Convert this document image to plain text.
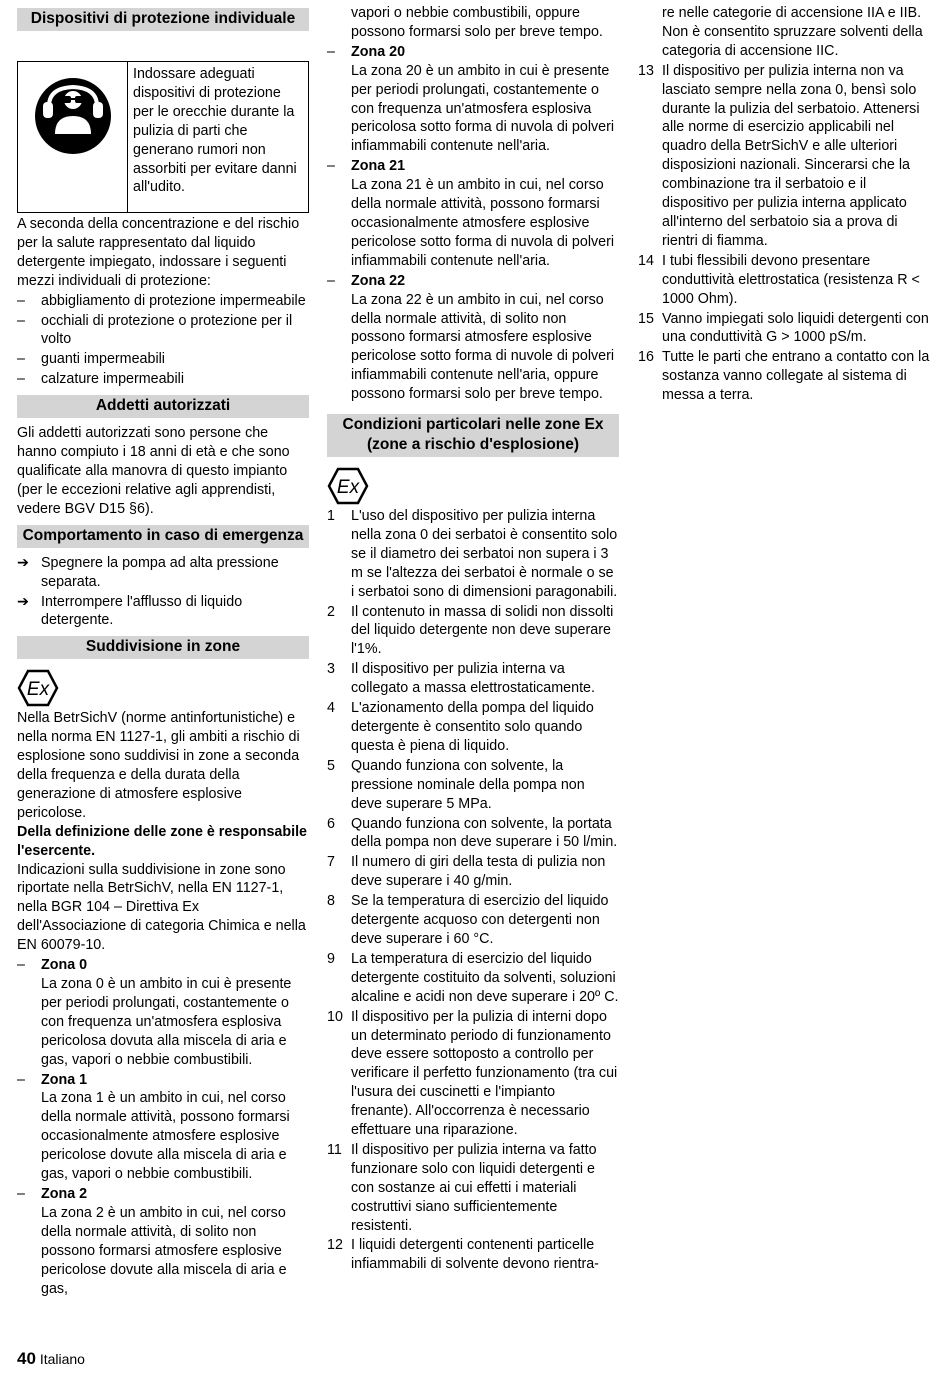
Dispositivi di protezione individuale
Indossare adeguati dispositivi di protezione per le orecchie durante la pulizia di parti che generano rumori non assorbiti per evitare danni all'udito.

A seconda della concentrazione e del rischio per la salute rappresentato dal liquido detergente impiegato, indossare i seguenti mezzi individuali di protezione:

–	abbigliamento di protezione impermeabile
–	occhiali di protezione o protezione per il volto
–	guanti impermeabili
–	calzature impermeabili
Addetti autorizzati

Gli addetti autorizzati sono persone che hanno compiuto i 18 anni di età e che sono qualificate alla manovra di questo impianto (per le eccezioni relative agli apprendisti, vedere BGV D15 §6).

Comportamento in caso di emergenza
➔ Spegnere la pompa ad alta pressione separata.
➔ Interrompere l'afflusso di liquido detergente.
Suddivisione in zone
Ex

Nella BetrSichV (norme antinfortunistiche) e nella norma EN 1127-1, gli ambiti a rischio di esplosione sono suddivisi in zone a seconda della frequenza e della durata della generazione di atmosfere esplosive pericolose.

Della definizione delle zone è responsabile l'esercente.

Indicazioni sulla suddivisione in zone sono riportate nella BetrSichV, nella EN 1127-1, nella BGR 104 – Direttiva Ex dell'Associazione di categoria Chimica e nella EN 60079-10.

–	Zona 0

La zona 0 è un ambito in cui è presente per periodi prolungati, costantemente o con frequenza un'atmosfera esplosiva pericolosa dovuta alla miscela di aria e gas, vapori o nebbie combustibili.

–	Zona 1

La zona 1 è un ambito in cui, nel corso della normale attività, possono formarsi occasionalmente atmosfere esplosive pericolose dovute alla miscela di aria e gas, vapori o nebbie combustibili.

–	Zona 2

La zona 2 è un ambito in cui, nel corso della normale attività, di solito non possono formarsi atmosfere esplosive pericolose dovute alla miscela di aria e gas,

vapori o nebbie combustibili, oppure possono formarsi solo per breve tempo.

–	Zona 20

La zona 20 è un ambito in cui è presente per periodi prolungati, costantemente o con frequenza un'atmosfera esplosiva pericolosa sotto forma di nuvola di polveri infiammabili contenute nell'aria.

–	Zona 21

La zona 21 è un ambito in cui, nel corso della normale attività, possono formarsi occasionalmente atmosfere esplosive pericolose sotto forma di nuvola di polveri infiammabili contenute nell'aria.

–	Zona 22

La zona 22 è un ambito in cui, nel corso della normale attività, di solito non possono formarsi atmosfere esplosive pericolose sotto forma di nuvole di polveri infiammabili contenute nell'aria, oppure possono formarsi solo per breve tempo.

Condizioni particolari nelle zone Ex (zone a rischio d'esplosione)
Ex
1	L'uso del dispositivo per pulizia interna nella zona 0 dei serbatoi è consentito solo se il diametro dei serbatoi non supera i 3 m se l'altezza dei serbatoi è normale o se i serbatoi sono di dimensioni paragonabili.
2	Il contenuto in massa di solidi non dissolti del liquido detergente non deve superare l'1%.
3	Il dispositivo per pulizia interna va collegato a massa elettrostaticamente.
4	L'azionamento della pompa del liquido detergente è consentito solo quando questa è piena di liquido.
5	Quando funziona con solvente, la pressione nominale della pompa non deve superare 5 MPa.
6	Quando funziona con solvente, la portata della pompa non deve superare i 50 l/min.
7	Il numero di giri della testa di pulizia non deve superare i 40 g/min.
8	Se la temperatura di esercizio del liquido detergente acquoso con detergenti non deve superare i 60 °C.
9	La temperatura di esercizio del liquido detergente costituito da solventi, soluzioni alcaline e acidi non deve superare i 20º C.
10 Il dispositivo per la pulizia di interni dopo un determinato periodo di funzionamento deve essere sottoposto a controllo per verificare il perfetto funzionamento (tra cui l'usura dei cuscinetti e l'impianto frenante). All'occorrenza è necessario effettuare una riparazione.
11 Il dispositivo per pulizia interna va fatto funzionare solo con liquidi detergenti e con sostanze ai cui effetti i materiali costruttivi siano sufficientemente resistenti.
12 I liquidi detergenti contenenti particelle infiammabili di solvente devono rientra-

re nelle categorie di accensione IIA e IIB. Non è consentito spruzzare solventi della categoria di accensione IIC.

13 Il dispositivo per pulizia interna non va lasciato sempre nella zona 0, bensì solo durante la pulizia del serbatoio. Attenersi alle norme di esercizio applicabili nel quadro della BetrSichV e alle ulteriori disposizioni nazionali. Sincerarsi che la combinazione tra il serbatoio e il dispositivo per pulizia interna applicato all'interno del serbatoio sia a prova di rientri di fiamma.
14 I tubi flessibili devono presentare conduttività elettrostatica (resistenza R < 1000 Ohm).
15 Vanno impiegati solo liquidi detergenti con una conduttività G > 1000 pS/m.
16 Tutte le parti che entrano a contatto con la sostanza vanno collegate al sistema di messa a terra.
40 Italiano
